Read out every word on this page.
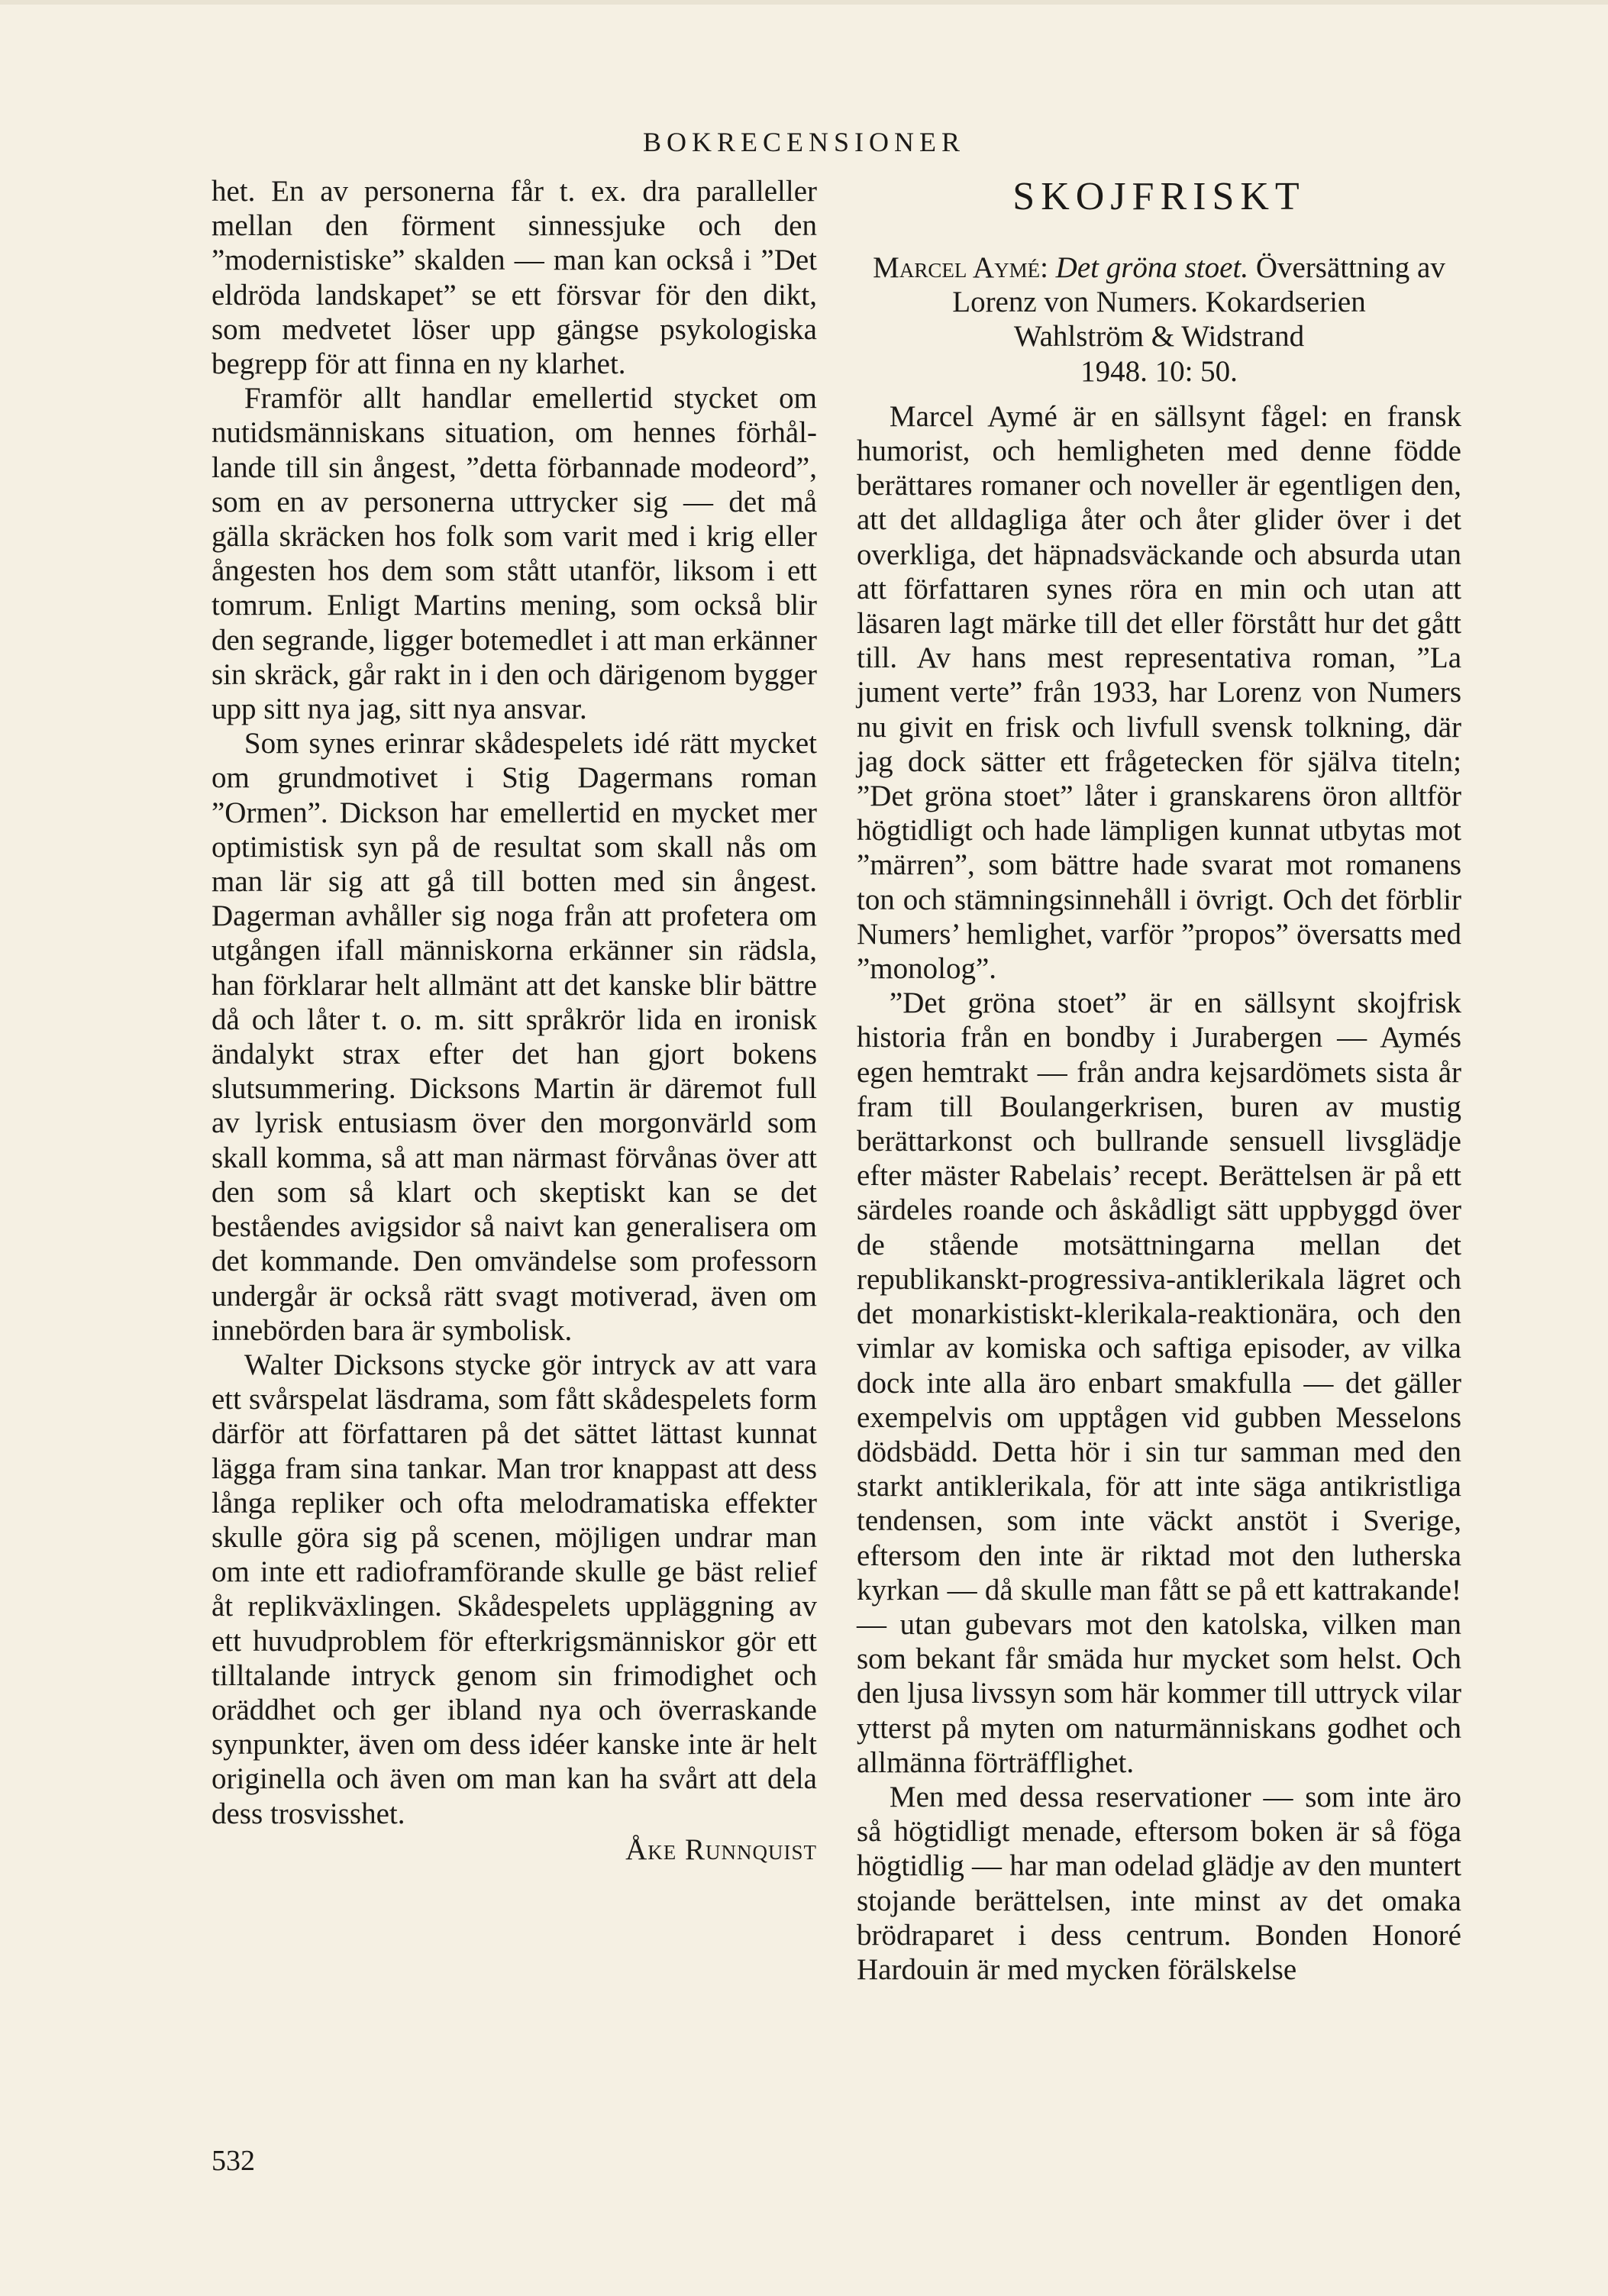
BOKRECENSIONER

het. En av personerna får t. ex. dra paralleller mellan den förment sinnessjuke och den ”modernistiske” skalden — man kan också i ”Det eldröda landskapet” se ett försvar för den dikt, som medvetet löser upp gängse psykologiska begrepp för att finna en ny klarhet.

Framför allt handlar emellertid stycket om nutidsmänniskans situation, om hennes förhållande till sin ångest, ”detta förbannade modeord”, som en av personerna uttrycker sig — det må gälla skräcken hos folk som varit med i krig eller ångesten hos dem som stått utanför, liksom i ett tomrum. Enligt Martins mening, som också blir den segrande, ligger botemedlet i att man erkänner sin skräck, går rakt in i den och därigenom bygger upp sitt nya jag, sitt nya ansvar.

Som synes erinrar skådespelets idé rätt mycket om grundmotivet i Stig Dagermans roman ”Ormen”. Dickson har emellertid en mycket mer optimistisk syn på de resultat som skall nås om man lär sig att gå till botten med sin ångest. Dagerman avhåller sig noga från att profetera om utgången ifall människorna erkänner sin rädsla, han förklarar helt allmänt att det kanske blir bättre då och låter t. o. m. sitt språkrör lida en ironisk ändalykt strax efter det han gjort bokens slutsummering. Dicksons Martin är däremot full av lyrisk entusiasm över den morgonvärld som skall komma, så att man närmast förvånas över att den som så klart och skeptiskt kan se det beståendes avigsidor så naivt kan generalisera om det kommande. Den omvändelse som professorn undergår är också rätt svagt motiverad, även om innebörden bara är symbolisk.

Walter Dicksons stycke gör intryck av att vara ett svårspelat läsdrama, som fått skådespelets form därför att författaren på det sättet lättast kunnat lägga fram sina tankar. Man tror knappast att dess långa repliker och ofta melodramatiska effekter skulle göra sig på scenen, möjligen undrar man om inte ett radioframförande skulle ge bäst relief åt replikväxlingen. Skådespelets uppläggning av ett huvudproblem för efterkrigsmänniskor gör ett tilltalande intryck genom sin frimodighet och oräddhet och ger ibland nya och överraskande synpunkter, även om dess idéer kanske inte är helt originella och även om man kan ha svårt att dela dess trosvisshet.

Åke Runnquist
SKOJFRISKT
Marcel Aymé: Det gröna stoet. Översättning av Lorenz von Numers. Kokardserien
Wahlström & Widstrand
1948. 10: 50.

Marcel Aymé är en sällsynt fågel: en fransk humorist, och hemligheten med denne födde berättares romaner och noveller är egentligen den, att det alldagliga åter och åter glider över i det overkliga, det häpnadsväckande och absurda utan att författaren synes röra en min och utan att läsaren lagt märke till det eller förstått hur det gått till. Av hans mest representativa roman, ”La jument verte” från 1933, har Lorenz von Numers nu givit en frisk och livfull svensk tolkning, där jag dock sätter ett frågetecken för själva titeln; ”Det gröna stoet” låter i granskarens öron alltför högtidligt och hade lämpligen kunnat utbytas mot ”märren”, som bättre hade svarat mot romanens ton och stämningsinnehåll i övrigt. Och det förblir Numers’ hemlighet, varför ”propos” översatts med ”monolog”.

”Det gröna stoet” är en sällsynt skojfrisk historia från en bondby i Jurabergen — Aymés egen hemtrakt — från andra kejsardömets sista år fram till Boulangerkrisen, buren av mustig berättarkonst och bullrande sensuell livsglädje efter mäster Rabelais’ recept. Berättelsen är på ett särdeles roande och åskådligt sätt uppbyggd över de stående motsättningarna mellan det republikanskt-progressiva-antiklerikala lägret och det monarkistiskt-klerikala-reaktionära, och den vimlar av komiska och saftiga episoder, av vilka dock inte alla äro enbart smakfulla — det gäller exempelvis om upptågen vid gubben Messelons dödsbädd. Detta hör i sin tur samman med den starkt antiklerikala, för att inte säga antikristliga tendensen, som inte väckt anstöt i Sverige, eftersom den inte är riktad mot den lutherska kyrkan — då skulle man fått se på ett kattrakande! — utan gubevars mot den katolska, vilken man som bekant får smäda hur mycket som helst. Och den ljusa livssyn som här kommer till uttryck vilar ytterst på myten om naturmänniskans godhet och allmänna förträfflighet.

Men med dessa reservationer — som inte äro så högtidligt menade, eftersom boken är så föga högtidlig — har man odelad glädje av den muntert stojande berättelsen, inte minst av det omaka brödraparet i dess centrum. Bonden Honoré Hardouin är med mycken förälskelse

532
